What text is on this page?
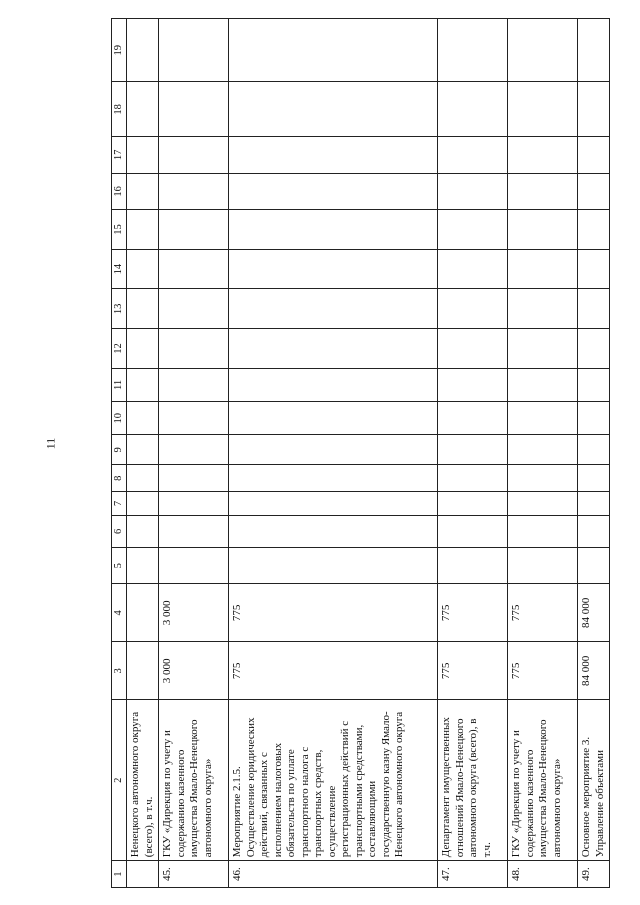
11
1	2	3	4	5	6	7	8	9	10	11	12	13	14	15	16	17	18	19
	Ненецкого автономного округа (всего), в т.ч.																	
45.	ГКУ «Дирекция по учету и содержанию казенного имущества Ямало-Ненецкого автономного округа»	3 000	3 000															
46.	Мероприятие 2.1.5. Осуществление юридических действий, связанных с исполнением налоговых обязательств по уплате транспортного налога с транспортных средств, осуществление регистрационных действий с транспортными средствами, составляющими государственную казну Ямало-Ненецкого автономного округа	775	775															
47.	Департамент имущественных отношений Ямало-Ненецкого автономного округа (всего), в т.ч.	775	775															
48.	ГКУ «Дирекция по учету и содержанию казенного имущества Ямало-Ненецкого автономного округа»	775	775															
49.	Основное мероприятие 3. Управление объектами	84 000	84 000															
